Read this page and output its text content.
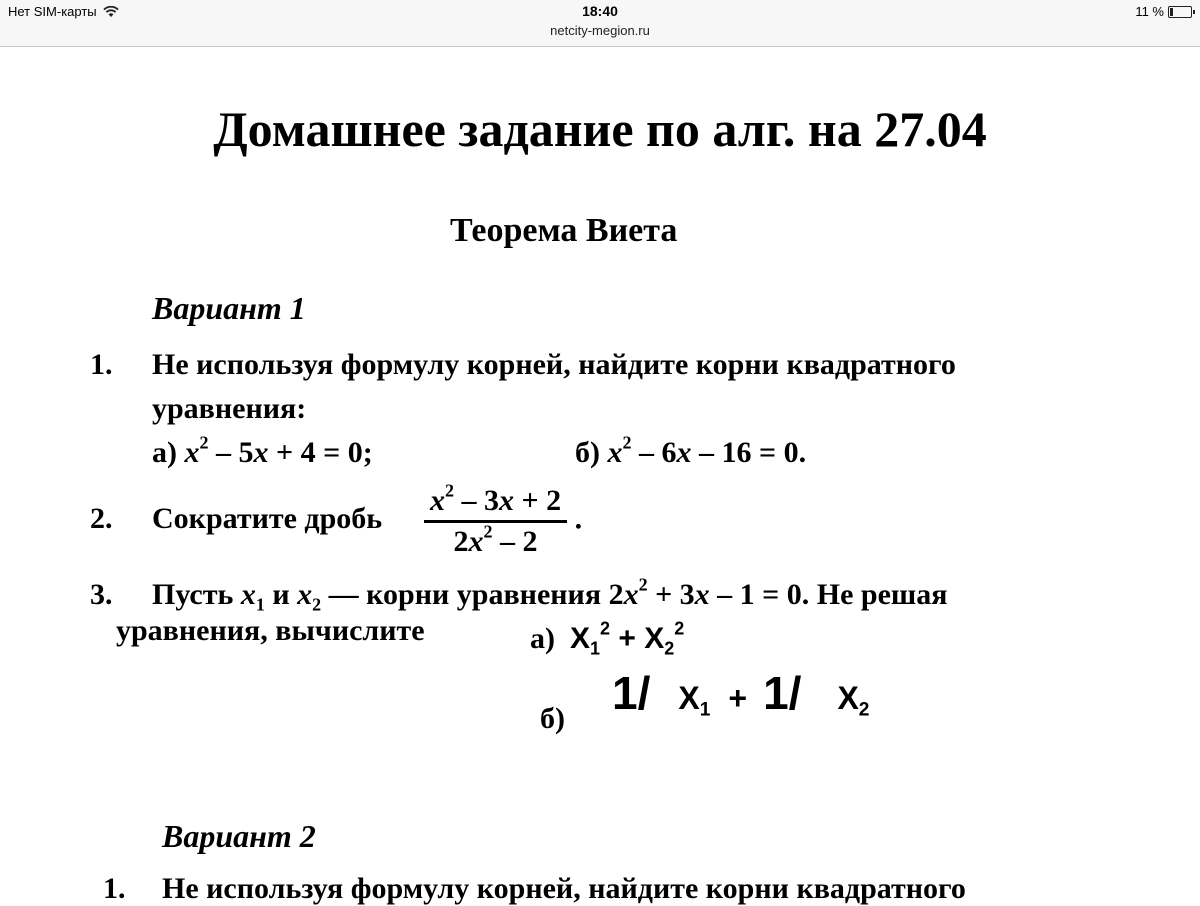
Нет SIM-карты	18:40
netcity-megion.ru
11 %
Домашнее задание по алг. на 27.04
Теорема Виета
Вариант 1
1. Не используя формулу корней, найдите корни квадратного
уравнения:
а) $x^2 - 5x + 4 = 0$;	б) $x^2 - 6x - 16 = 0$.
2. Сократите дробь $\frac{x^2 - 3x + 2}{2x^2 - 2}$ .
3. Пусть $x_1$ и $x_2$ — корни уравнения $2x^2 + 3x - 1 = 0$. Не решая
уравнения, вычислите	а) $X_1^2 + X_2^2$
б) 1/ $X_1 + 1/$ $X_2$
Вариант 2
1. Не используя формулу корней, найдите корни квадратного
